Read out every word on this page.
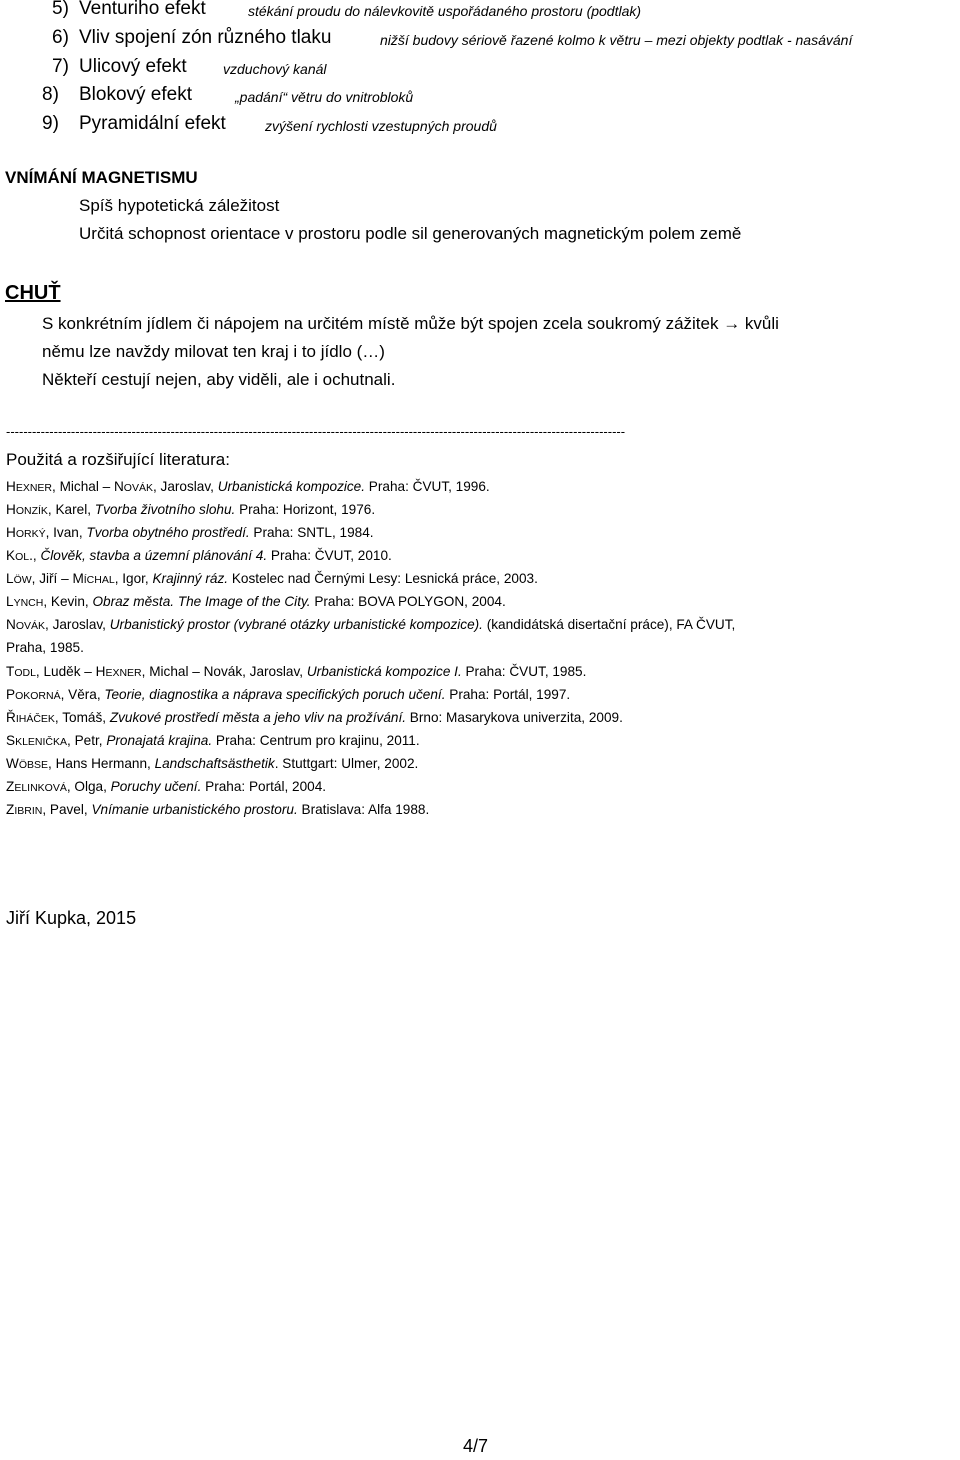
5) Venturiho efekt	stékání proudu do nálevkovitě uspořádaného prostoru (podtlak)
6) Vliv spojení zón různého tlaku	nižší budovy sériově řazené kolmo k větru – mezi objekty podtlak - nasávání
7) Ulicový efekt	vzduchový kanál
8) Blokový efekt	„padání“ větru do vnitrobloků
9) Pyramidální efekt	zvýšení rychlosti vzestupných proudů
VNÍMÁNÍ MAGNETISMU
Spíš hypotetická záležitost
Určitá schopnost orientace v prostoru podle sil generovaných magnetickým polem země
CHUŤ
S konkrétním jídlem či nápojem na určitém místě může být spojen zcela soukromý zážitek → kvůli
němu lze navždy milovat ten kraj i to jídlo (…)
Někteří cestují nejen, aby viděli, ale i ochutnali.
-----------------------------------------------------------------------------------------------------------------------------------------------
Použitá a rozšiřující literatura:
HEXNER, Michal – NOVÁK, Jaroslav, Urbanistická kompozice. Praha: ČVUT, 1996.
HONZÍK, Karel, Tvorba životního slohu. Praha: Horizont, 1976.
HORKÝ, Ivan, Tvorba obytného prostředí. Praha: SNTL, 1984.
KOL., Člověk, stavba a územní plánování 4. Praha: ČVUT, 2010.
LÖW, Jiří – MÍCHAL, Igor, Krajinný ráz. Kostelec nad Černými Lesy: Lesnická práce, 2003.
LYNCH, Kevin, Obraz města. The Image of the City. Praha: BOVA POLYGON, 2004.
NOVÁK, Jaroslav, Urbanistický prostor (vybrané otázky urbanistické kompozice). (kandidátská disertační práce), FA ČVUT,
Praha, 1985.
TODL, Luděk – HEXNER, Michal – Novák, Jaroslav, Urbanistická kompozice I. Praha: ČVUT, 1985.
POKORNÁ, Věra, Teorie, diagnostika a náprava specifických poruch učení. Praha: Portál, 1997.
ŘIHÁČEK, Tomáš, Zvukové prostředí města a jeho vliv na prožívání. Brno: Masarykova univerzita, 2009.
SKLENIČKA, Petr, Pronajatá krajina. Praha: Centrum pro krajinu, 2011.
WÖBSE, Hans Hermann, Landschaftsästhetik. Stuttgart: Ulmer, 2002.
ZELINKOVÁ, Olga, Poruchy učení. Praha: Portál, 2004.
ZIBRIN, Pavel, Vnímanie urbanistického prostoru. Bratislava: Alfa 1988.
Jiří Kupka, 2015
4/7
